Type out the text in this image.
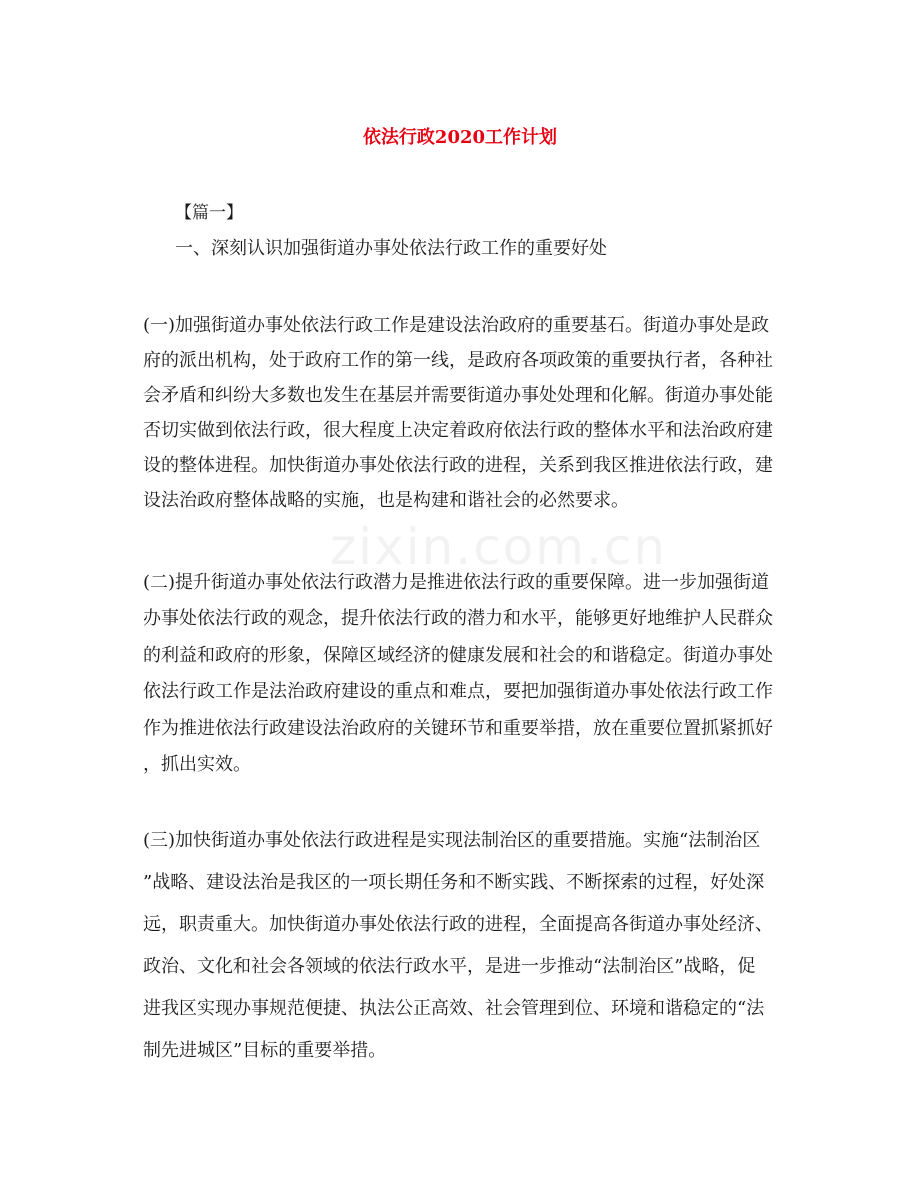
zixin.com.cn
依法行政2020工作计划
【篇一】
一、深刻认识加强街道办事处依法行政工作的重要好处
(一)加强街道办事处依法行政工作是建设法治政府的重要基石。街道办事处是政
府的派出机构，处于政府工作的第一线，是政府各项政策的重要执行者，各种社
会矛盾和纠纷大多数也发生在基层并需要街道办事处处理和化解。街道办事处能
否切实做到依法行政，很大程度上决定着政府依法行政的整体水平和法治政府建
设的整体进程。加快街道办事处依法行政的进程，关系到我区推进依法行政，建
设法治政府整体战略的实施，也是构建和谐社会的必然要求。
(二)提升街道办事处依法行政潜力是推进依法行政的重要保障。进一步加强街道
办事处依法行政的观念，提升依法行政的潜力和水平，能够更好地维护人民群众
的利益和政府的形象，保障区域经济的健康发展和社会的和谐稳定。街道办事处
依法行政工作是法治政府建设的重点和难点，要把加强街道办事处依法行政工作
作为推进依法行政建设法治政府的关键环节和重要举措，放在重要位置抓紧抓好
，抓出实效。
(三)加快街道办事处依法行政进程是实现法制治区的重要措施。实施“法制治区
”战略、建设法治是我区的一项长期任务和不断实践、不断探索的过程，好处深
远，职责重大。加快街道办事处依法行政的进程，全面提高各街道办事处经济、
政治、文化和社会各领域的依法行政水平，是进一步推动“法制治区”战略，促
进我区实现办事规范便捷、执法公正高效、社会管理到位、环境和谐稳定的“法
制先进城区”目标的重要举措。
